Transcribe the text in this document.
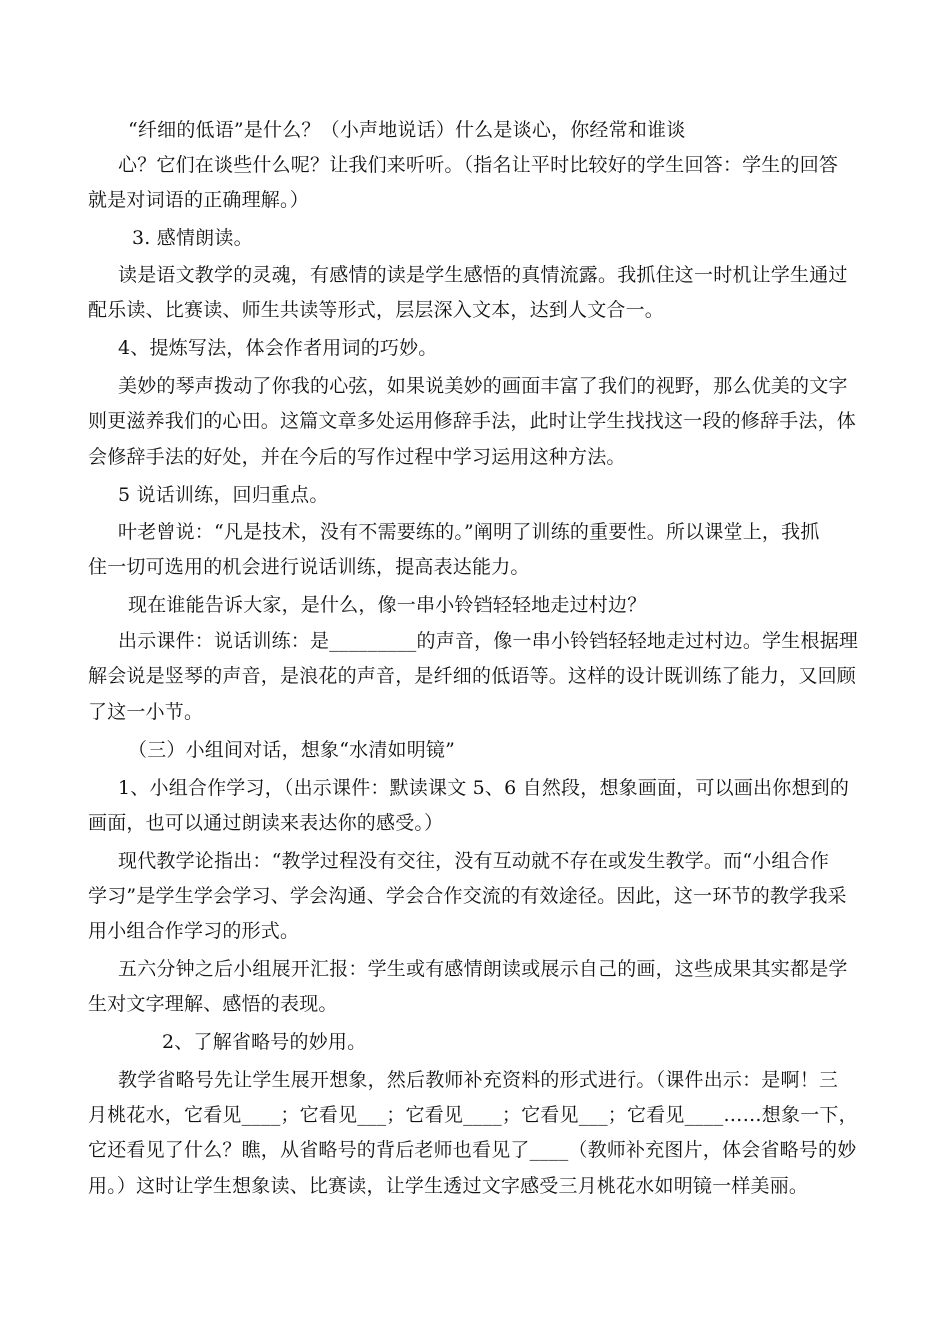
“纤细的低语”是什么？（小声地说话）什么是谈心，你经常和谁谈
心？它们在谈些什么呢？让我们来听听。（指名让平时比较好的学生回答：学生的回答
就是对词语的正确理解。）
3. 感情朗读。
读是语文教学的灵魂，有感情的读是学生感悟的真情流露。我抓住这一时机让学生通过
配乐读、比赛读、师生共读等形式，层层深入文本，达到人文合一。
4、提炼写法，体会作者用词的巧妙。
美妙的琴声拨动了你我的心弦，如果说美妙的画面丰富了我们的视野，那么优美的文字
则更滋养我们的心田。这篇文章多处运用修辞手法，此时让学生找找这一段的修辞手法，体
会修辞手法的好处，并在今后的写作过程中学习运用这种方法。
5 说话训练，回归重点。
叶老曾说：“凡是技术，没有不需要练的。”阐明了训练的重要性。所以课堂上，我抓
住一切可选用的机会进行说话训练，提高表达能力。
现在谁能告诉大家，是什么，像一串小铃铛轻轻地走过村边？
出示课件：说话训练：是_________的声音，像一串小铃铛轻轻地走过村边。学生根据理
解会说是竖琴的声音，是浪花的声音，是纤细的低语等。这样的设计既训练了能力，又回顾
了这一小节。
（三）小组间对话，想象“水清如明镜”
1、小组合作学习，（出示课件：默读课文 5、6 自然段，想象画面，可以画出你想到的
画面，也可以通过朗读来表达你的感受。）
现代教学论指出：“教学过程没有交往，没有互动就不存在或发生教学。而“小组合作
学习”是学生学会学习、学会沟通、学会合作交流的有效途径。因此，这一环节的教学我采
用小组合作学习的形式。
五六分钟之后小组展开汇报：学生或有感情朗读或展示自己的画，这些成果其实都是学
生对文字理解、感悟的表现。
2、了解省略号的妙用。
教学省略号先让学生展开想象，然后教师补充资料的形式进行。（课件出示：是啊！三
月桃花水，它看见____；它看见___；它看见____；它看见___；它看见____……想象一下，
它还看见了什么？瞧，从省略号的背后老师也看见了____（教师补充图片，体会省略号的妙
用。）这时让学生想象读、比赛读，让学生透过文字感受三月桃花水如明镜一样美丽。
